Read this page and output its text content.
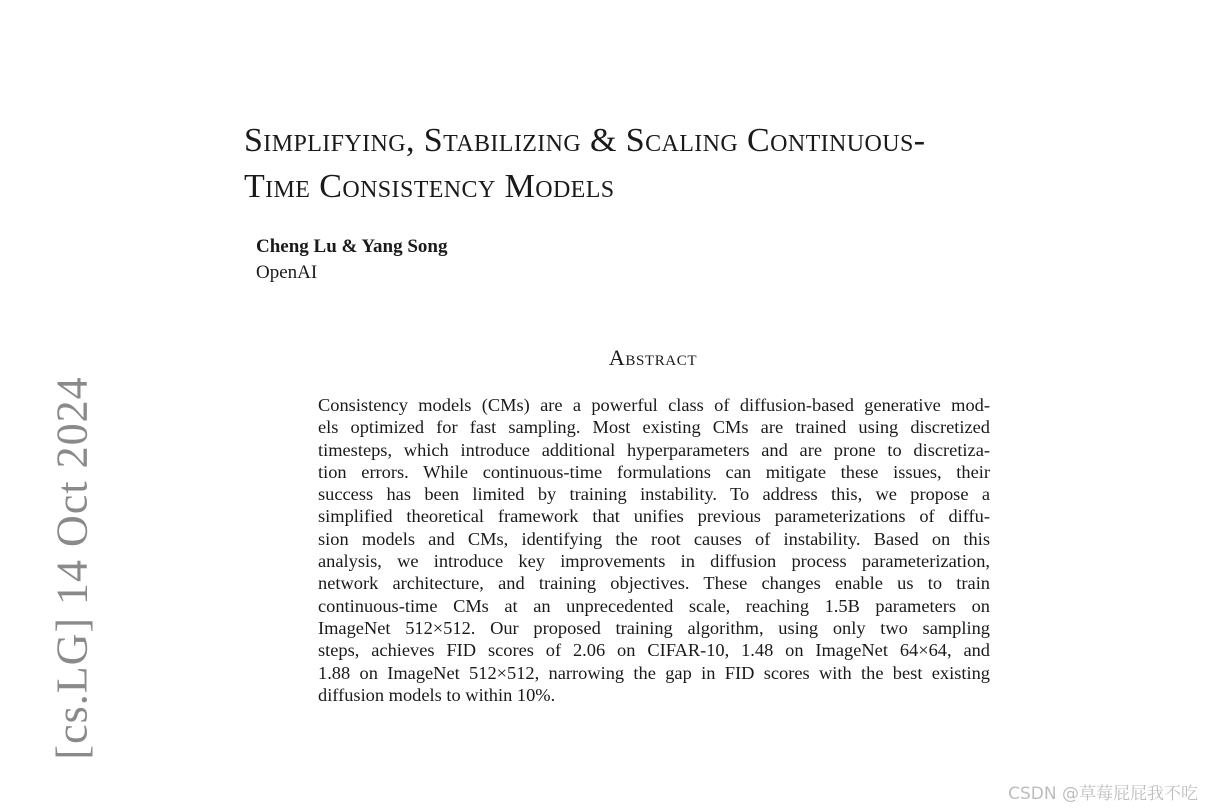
Simplifying, Stabilizing & Scaling Continuous-
Time Consistency Models
Cheng Lu & Yang Song
OpenAI
Abstract
Consistency models (CMs) are a powerful class of diffusion-based generative mod-
els optimized for fast sampling. Most existing CMs are trained using discretized
timesteps, which introduce additional hyperparameters and are prone to discretiza-
tion errors. While continuous-time formulations can mitigate these issues, their
success has been limited by training instability. To address this, we propose a
simplified theoretical framework that unifies previous parameterizations of diffu-
sion models and CMs, identifying the root causes of instability. Based on this
analysis, we introduce key improvements in diffusion process parameterization,
network architecture, and training objectives. These changes enable us to train
continuous-time CMs at an unprecedented scale, reaching 1.5B parameters on
ImageNet 512×512. Our proposed training algorithm, using only two sampling
steps, achieves FID scores of 2.06 on CIFAR-10, 1.48 on ImageNet 64×64, and
1.88 on ImageNet 512×512, narrowing the gap in FID scores with the best existing
diffusion models to within 10%.
[cs.LG] 14 Oct 2024
CSDN @草莓屁屁我不吃
